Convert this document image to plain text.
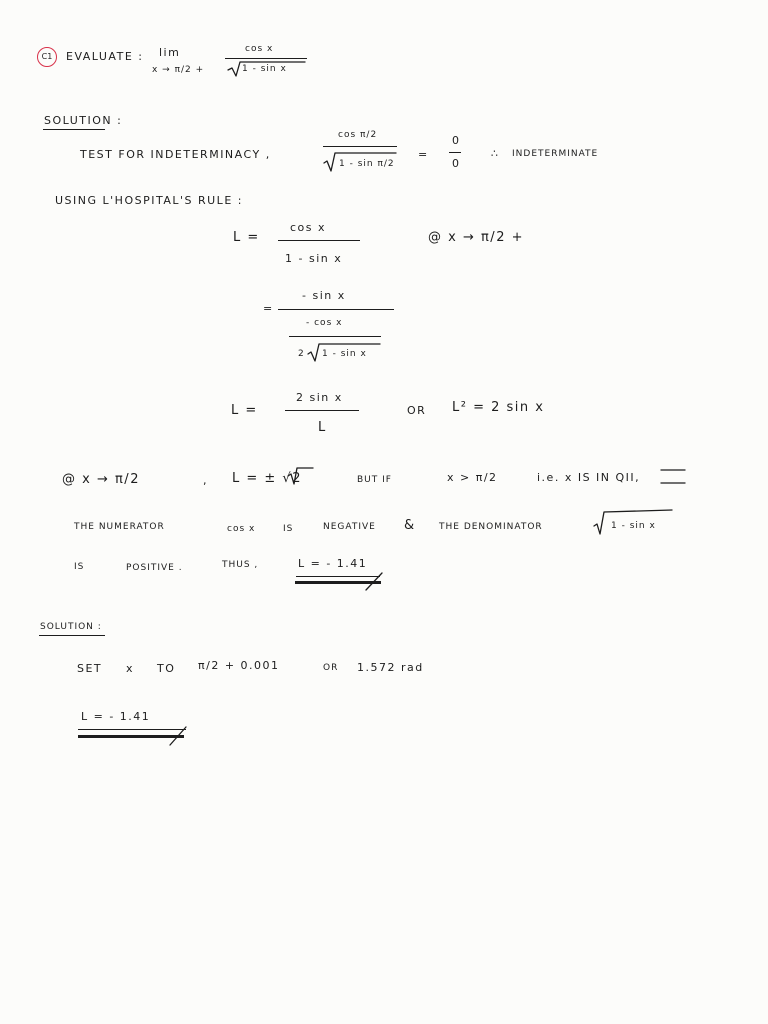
C1	EVALUATE : lim
x → π/2 +
cos x
1 - sin x
SOLUTION :
TEST FOR INDETERMINACY ,
cos π/2
1 - sin π/2
=
0
0
∴ INDETERMINATE
USING L'HOSPITAL'S RULE :
L =
cos x
1 - sin x
@ x → π/2 +
=
- sin x
- cos x
2 1 - sin x
L =
2 sin x
L
OR L² = 2 sin x
@ x → π/2	, L = ± √2	BUT IF	x > π/2	i.e. x IS IN QII,
THE NUMERATOR	cos x	IS	NEGATIVE &	THE DENOMINATOR	1 - sin x
IS	POSITIVE .	THUS ,	L = - 1.41
SOLUTION :
SET x TO π/2 + 0.001	OR 1.572 rad
L = - 1.41
